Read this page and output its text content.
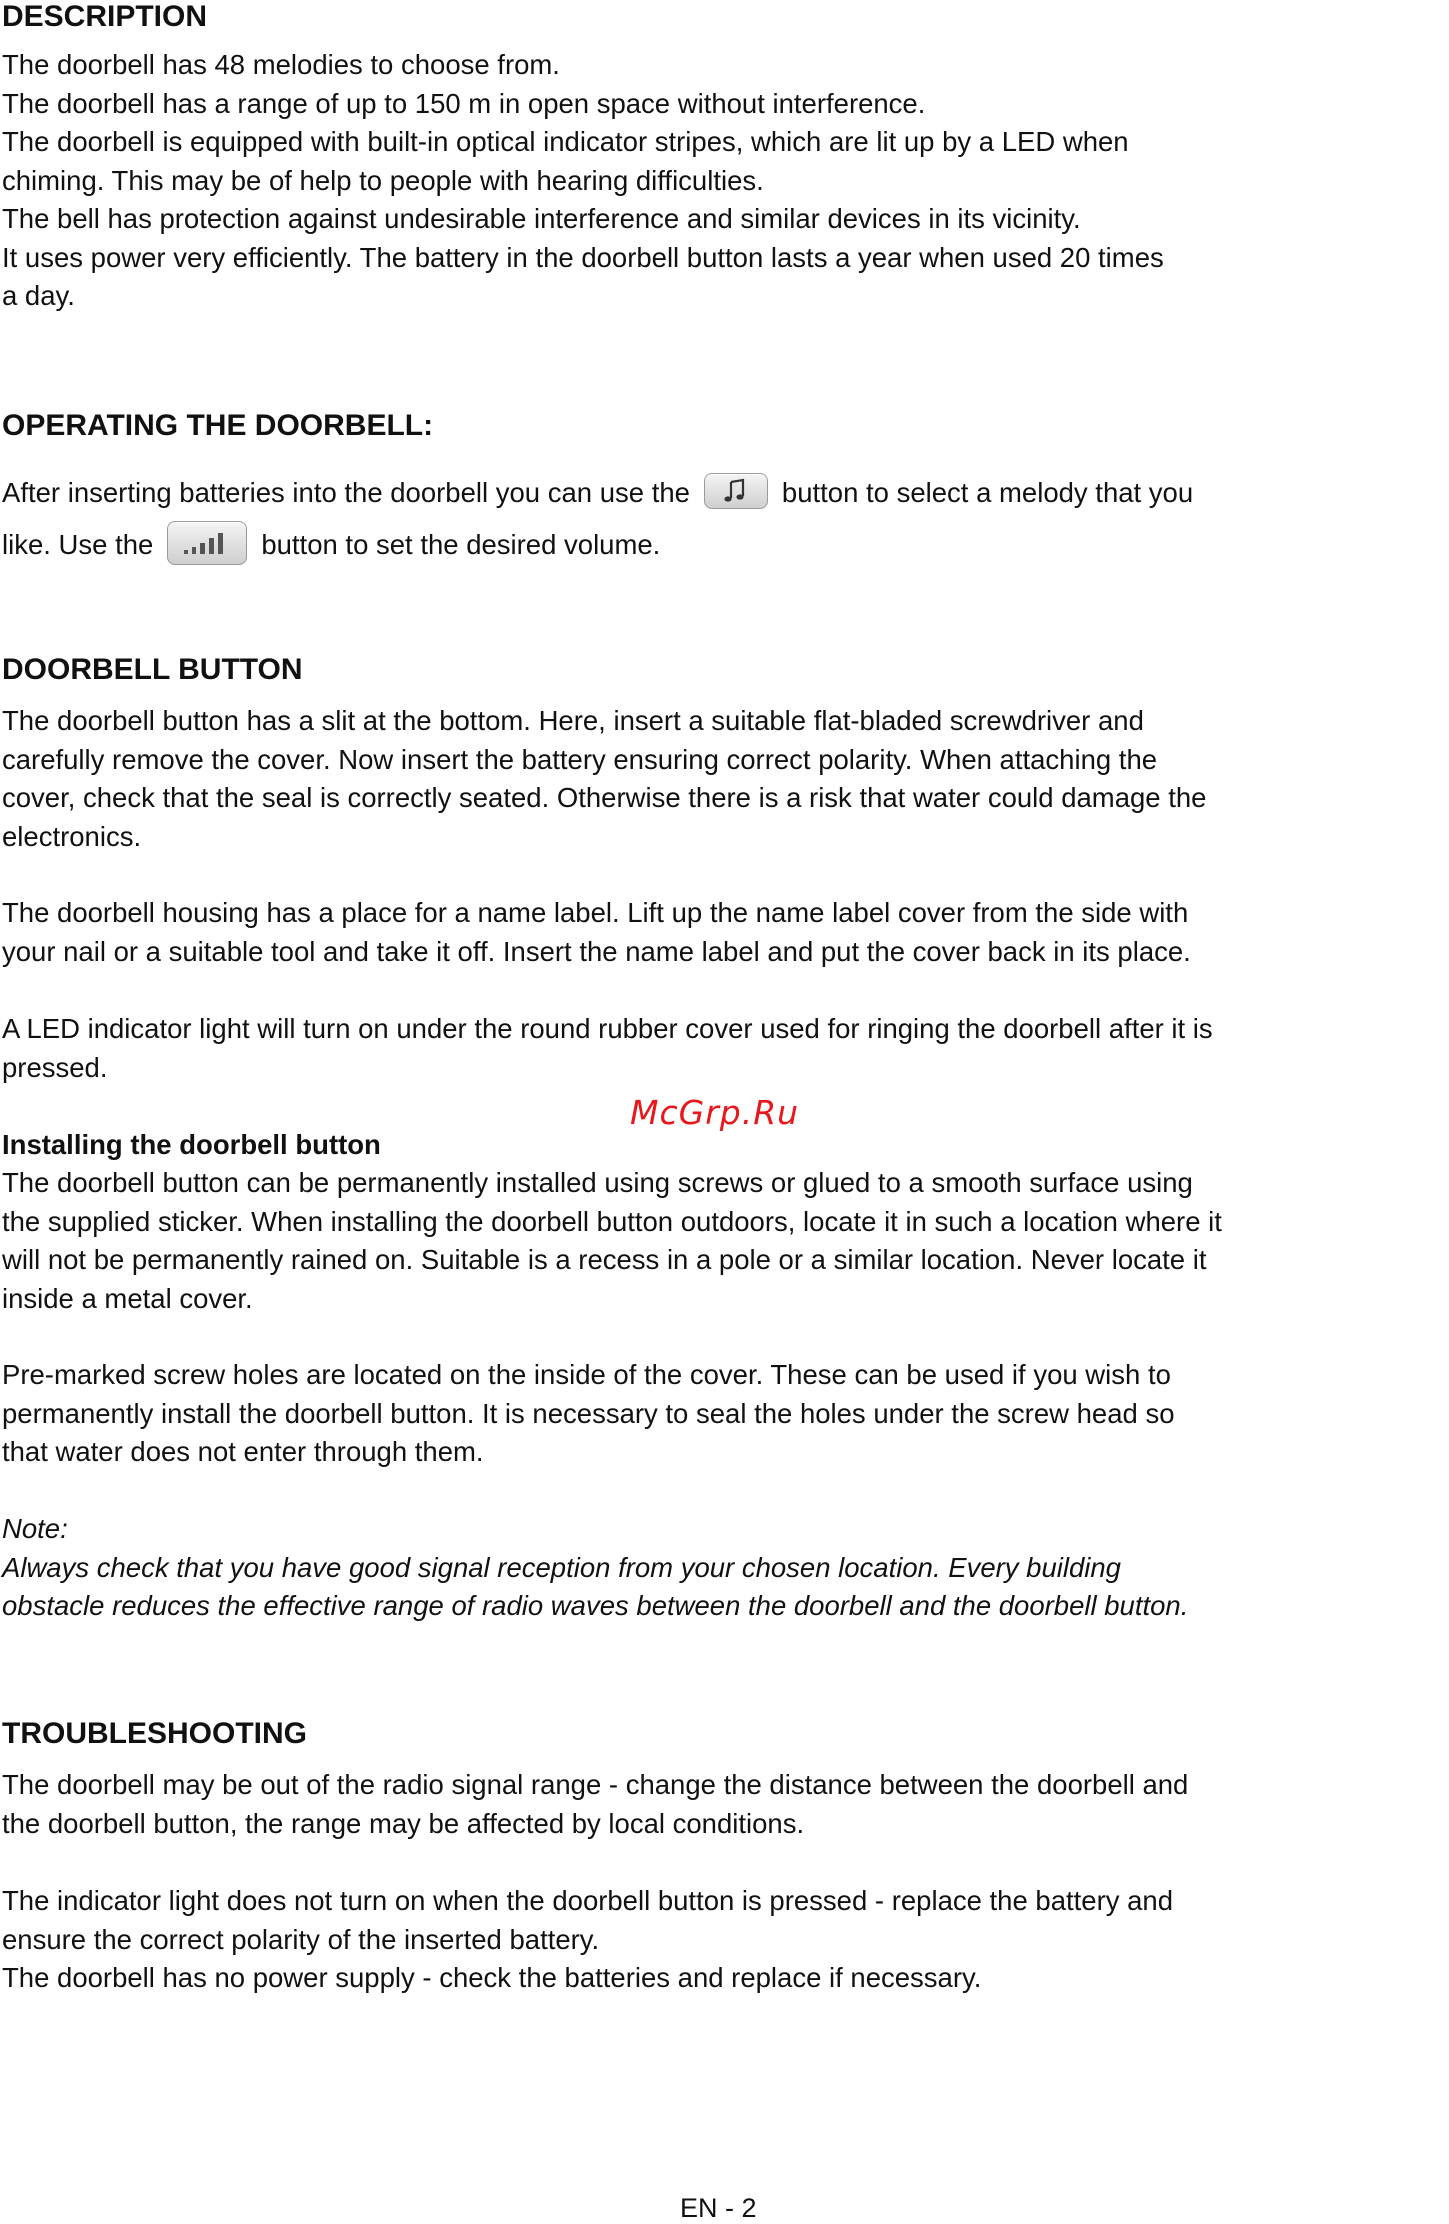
DESCRIPTION
The doorbell has 48 melodies to choose from.
The doorbell has a range of up to 150 m in open space without interference.
The doorbell is equipped with built-in optical indicator stripes, which are lit up by a LED when
chiming. This may be of help to people with hearing difficulties.
The bell has protection against undesirable interference and similar devices in its vicinity.
It uses power very efficiently. The battery in the doorbell button lasts a year when used 20 times
a day.
OPERATING THE DOORBELL:
After inserting batteries into the doorbell you can use the	button to select a melody that you
like. Use the	button to set the desired volume.
DOORBELL BUTTON
The doorbell button has a slit at the bottom. Here, insert a suitable flat-bladed screwdriver and
carefully remove the cover. Now insert the battery ensuring correct polarity. When attaching the
cover, check that the seal is correctly seated. Otherwise there is a risk that water could damage the
electronics.
The doorbell housing has a place for a name label. Lift up the name label cover from the side with
your nail or a suitable tool and take it off. Insert the name label and put the cover back in its place.
A LED indicator light will turn on under the round rubber cover used for ringing the doorbell after it is
pressed.
Installing the doorbell button
The doorbell button can be permanently installed using screws or glued to a smooth surface using
the supplied sticker. When installing the doorbell button outdoors, locate it in such a location where it
will not be permanently rained on. Suitable is a recess in a pole or a similar location. Never locate it
inside a metal cover.
Pre-marked screw holes are located on the inside of the cover. These can be used if you wish to
permanently install the doorbell button. It is necessary to seal the holes under the screw head so
that water does not enter through them.
Note:
Always check that you have good signal reception from your chosen location. Every building
obstacle reduces the effective range of radio waves between the doorbell and the doorbell button.
TROUBLESHOOTING
The doorbell may be out of the radio signal range - change the distance between the doorbell and
the doorbell button, the range may be affected by local conditions.
The indicator light does not turn on when the doorbell button is pressed - replace the battery and
ensure the correct polarity of the inserted battery.
The doorbell has no power supply - check the batteries and replace if necessary.
McGrp.Ru
EN - 2
